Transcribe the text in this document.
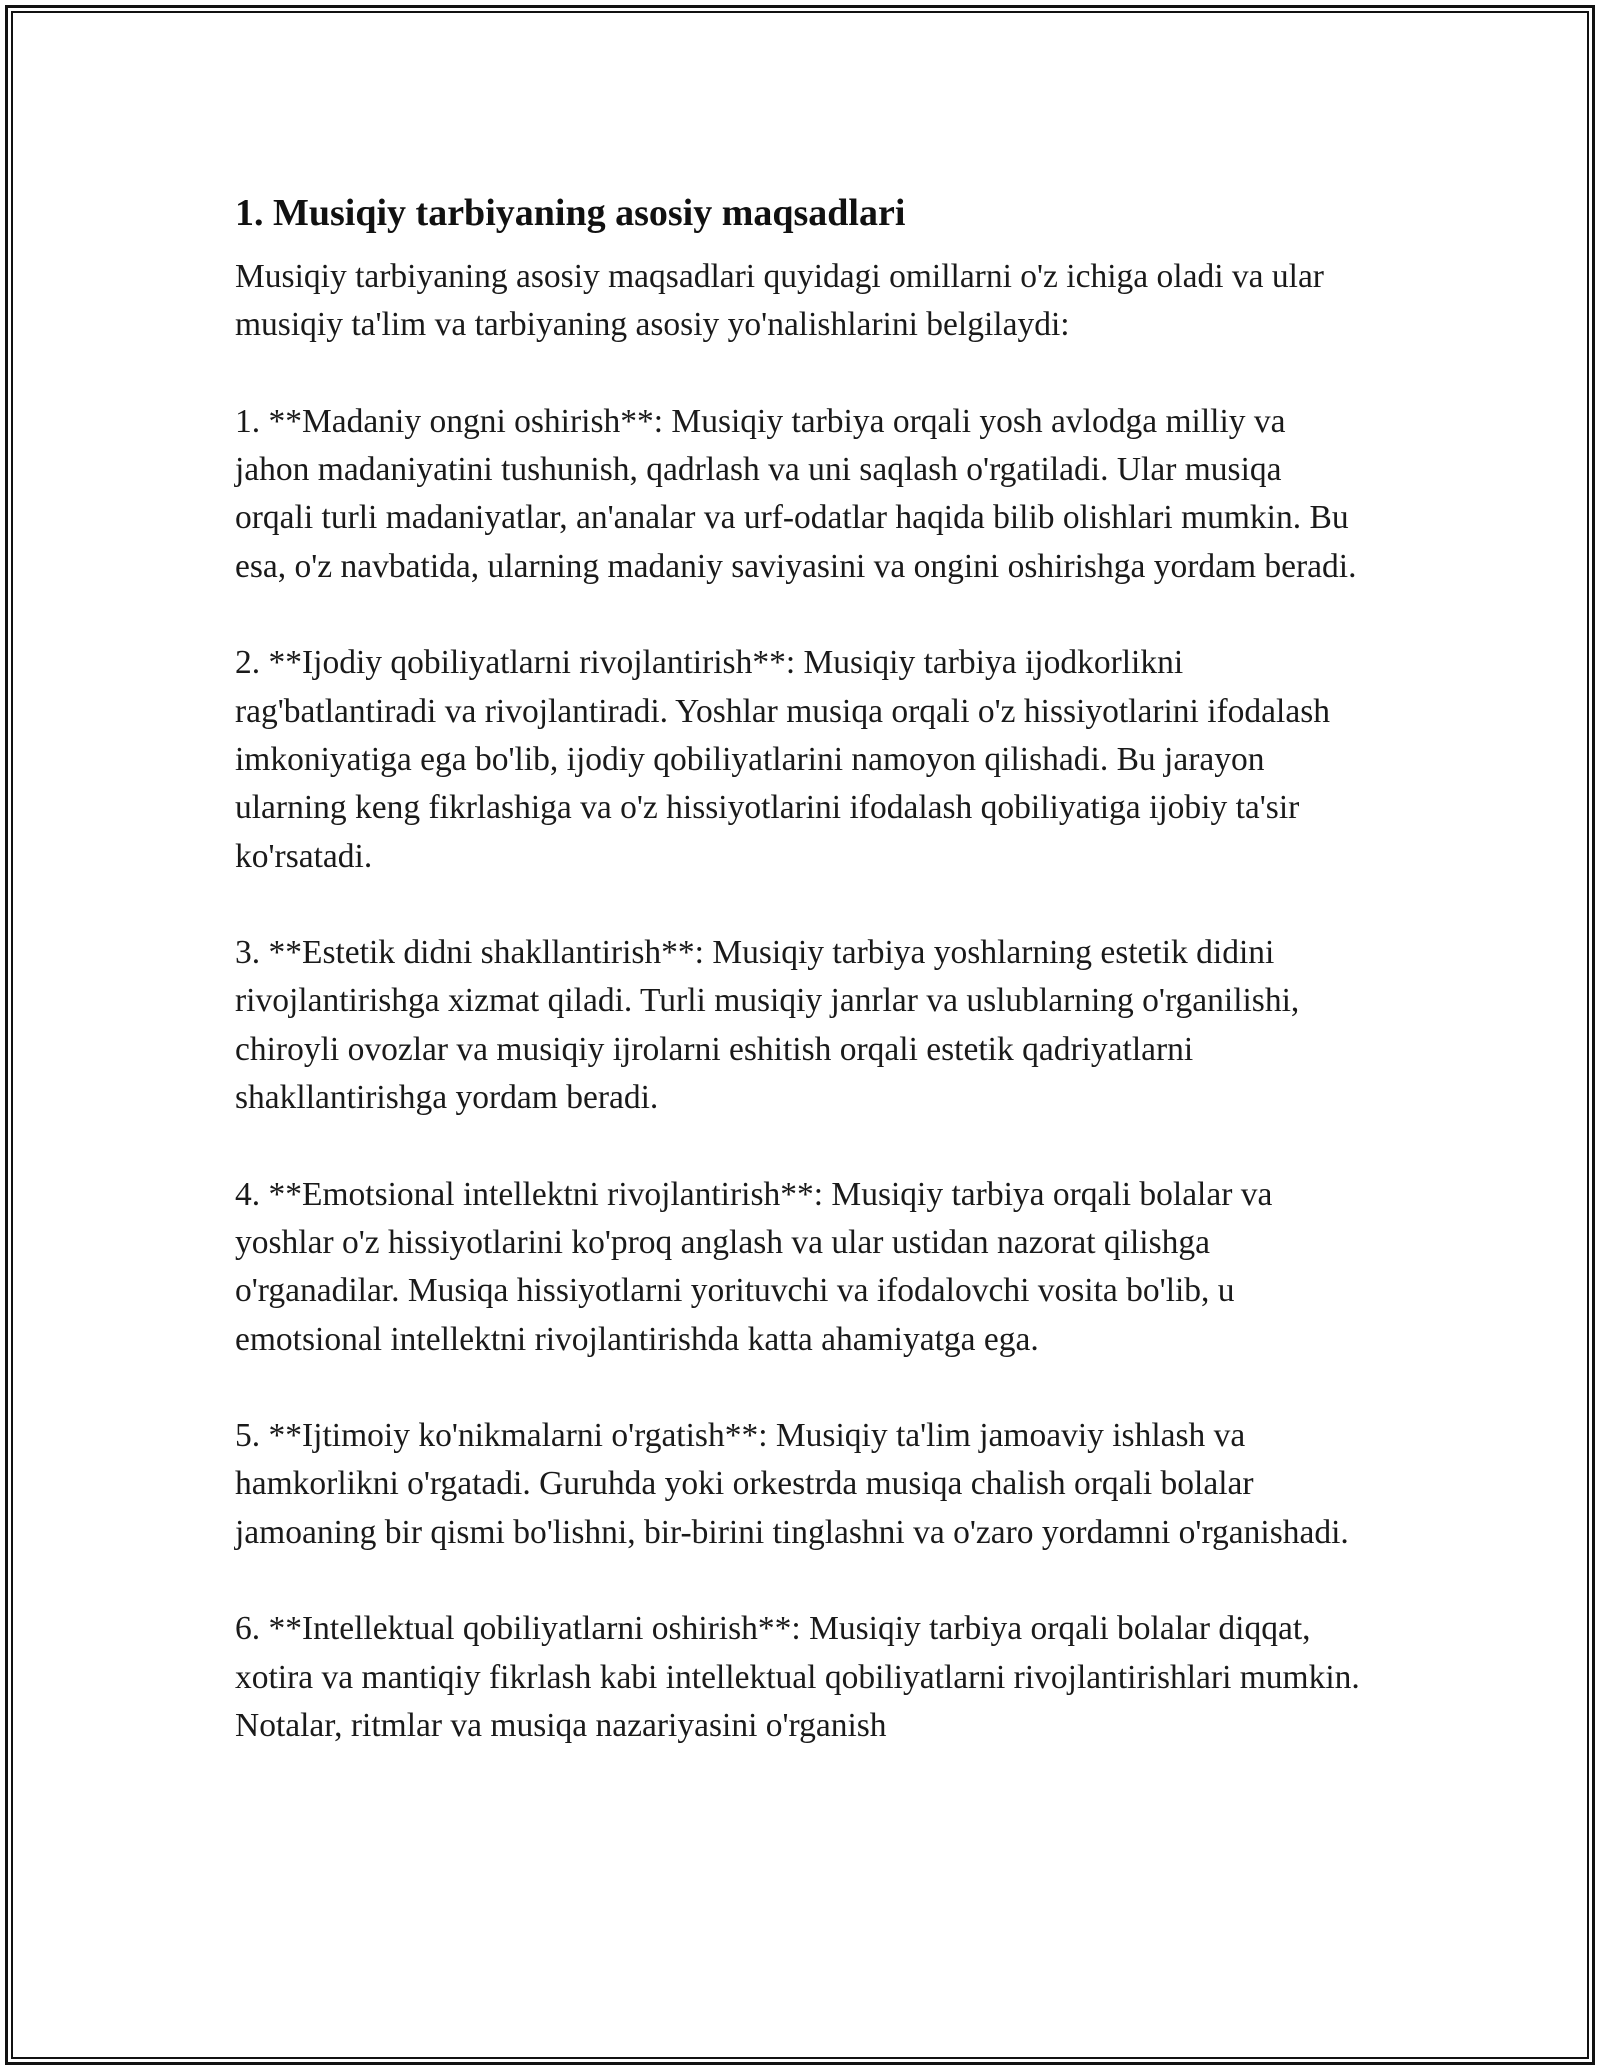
1. Musiqiy tarbiyaning asosiy maqsadlari

Musiqiy tarbiyaning asosiy maqsadlari quyidagi omillarni o'z ichiga oladi va ular musiqiy ta'lim va tarbiyaning asosiy yo'nalishlarini belgilaydi:

1. **Madaniy ongni oshirish**: Musiqiy tarbiya orqali yosh avlodga milliy va jahon madaniyatini tushunish, qadrlash va uni saqlash o'rgatiladi. Ular musiqa orqali turli madaniyatlar, an'analar va urf-odatlar haqida bilib olishlari mumkin. Bu esa, o'z navbatida, ularning madaniy saviyasini va ongini oshirishga yordam beradi.

2. **Ijodiy qobiliyatlarni rivojlantirish**: Musiqiy tarbiya ijodkorlikni rag'batlantiradi va rivojlantiradi. Yoshlar musiqa orqali o'z hissiyotlarini ifodalash imkoniyatiga ega bo'lib, ijodiy qobiliyatlarini namoyon qilishadi. Bu jarayon ularning keng fikrlashiga va o'z hissiyotlarini ifodalash qobiliyatiga ijobiy ta'sir ko'rsatadi.

3. **Estetik didni shakllantirish**: Musiqiy tarbiya yoshlarning estetik didini rivojlantirishga xizmat qiladi. Turli musiqiy janrlar va uslublarning o'rganilishi, chiroyli ovozlar va musiqiy ijrolarni eshitish orqali estetik qadriyatlarni shakllantirishga yordam beradi.

4. **Emotsional intellektni rivojlantirish**: Musiqiy tarbiya orqali bolalar va yoshlar o'z hissiyotlarini ko'proq anglash va ular ustidan nazorat qilishga o'rganadilar. Musiqa hissiyotlarni yorituvchi va ifodalovchi vosita bo'lib, u emotsional intellektni rivojlantirishda katta ahamiyatga ega.

5. **Ijtimoiy ko'nikmalarni o'rgatish**: Musiqiy ta'lim jamoaviy ishlash va hamkorlikni o'rgatadi. Guruhda yoki orkestrda musiqa chalish orqali bolalar jamoaning bir qismi bo'lishni, bir-birini tinglashni va o'zaro yordamni o'rganishadi.

6. **Intellektual qobiliyatlarni oshirish**: Musiqiy tarbiya orqali bolalar diqqat, xotira va mantiqiy fikrlash kabi intellektual qobiliyatlarni rivojlantirishlari mumkin. Notalar, ritmlar va musiqa nazariyasini o'rganish
